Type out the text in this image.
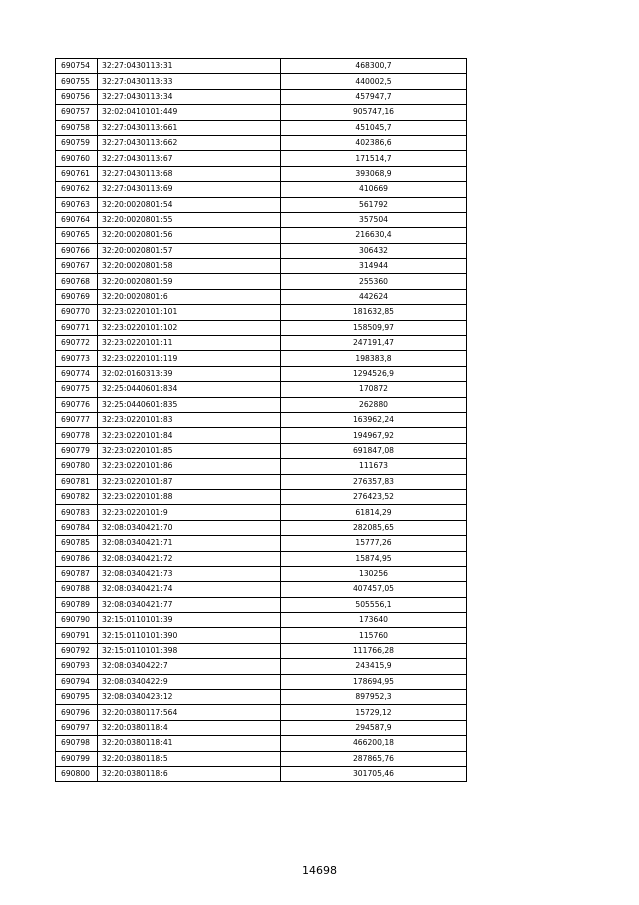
690754	32:27:0430113:31	468300,7
690755	32:27:0430113:33	440002,5
690756	32:27:0430113:34	457947,7
690757	32:02:0410101:449	905747,16
690758	32:27:0430113:661	451045,7
690759	32:27:0430113:662	402386,6
690760	32:27:0430113:67	171514,7
690761	32:27:0430113:68	393068,9
690762	32:27:0430113:69	410669
690763	32:20:0020801:54	561792
690764	32:20:0020801:55	357504
690765	32:20:0020801:56	216630,4
690766	32:20:0020801:57	306432
690767	32:20:0020801:58	314944
690768	32:20:0020801:59	255360
690769	32:20:0020801:6	442624
690770	32:23:0220101:101	181632,85
690771	32:23:0220101:102	158509,97
690772	32:23:0220101:11	247191,47
690773	32:23:0220101:119	198383,8
690774	32:02:0160313:39	1294526,9
690775	32:25:0440601:834	170872
690776	32:25:0440601:835	262880
690777	32:23:0220101:83	163962,24
690778	32:23:0220101:84	194967,92
690779	32:23:0220101:85	691847,08
690780	32:23:0220101:86	111673
690781	32:23:0220101:87	276357,83
690782	32:23:0220101:88	276423,52
690783	32:23:0220101:9	61814,29
690784	32:08:0340421:70	282085,65
690785	32:08:0340421:71	15777,26
690786	32:08:0340421:72	15874,95
690787	32:08:0340421:73	130256
690788	32:08:0340421:74	407457,05
690789	32:08:0340421:77	505556,1
690790	32:15:0110101:39	173640
690791	32:15:0110101:390	115760
690792	32:15:0110101:398	111766,28
690793	32:08:0340422:7	243415,9
690794	32:08:0340422:9	178694,95
690795	32:08:0340423:12	897952,3
690796	32:20:0380117:564	15729,12
690797	32:20:0380118:4	294587,9
690798	32:20:0380118:41	466200,18
690799	32:20:0380118:5	287865,76
690800	32:20:0380118:6	301705,46
14698
